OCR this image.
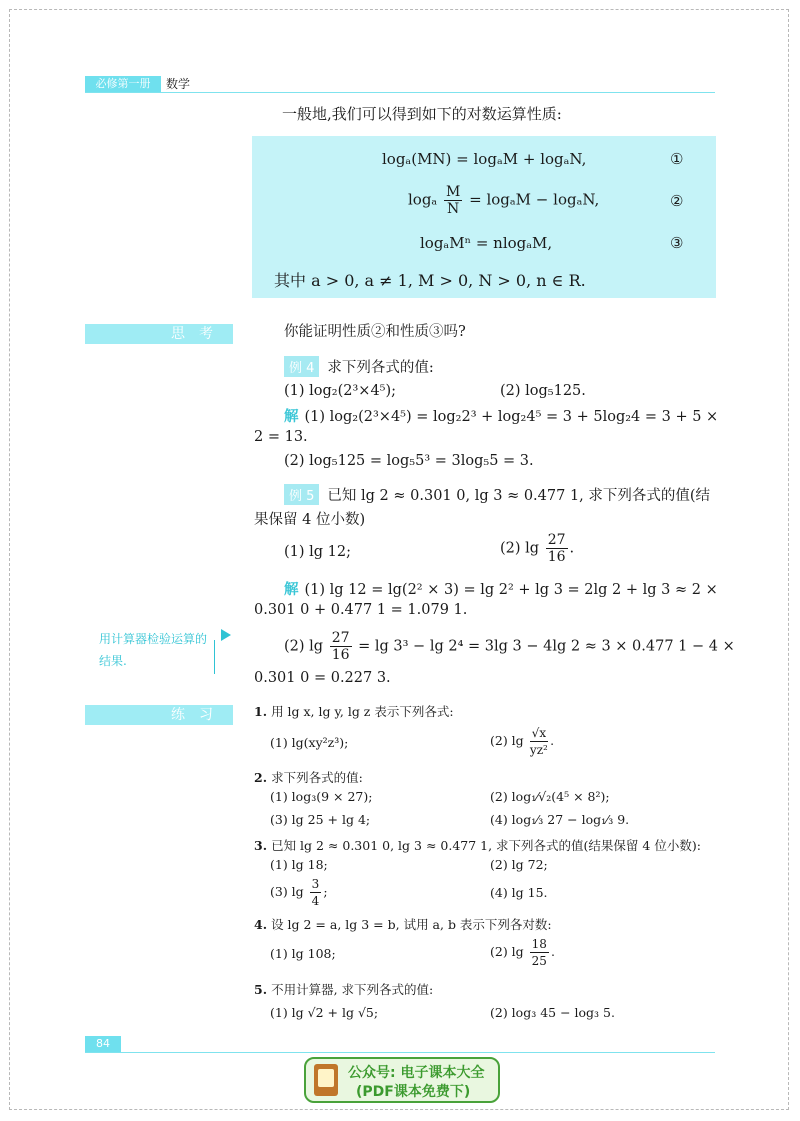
必修第一册	数学
一般地,我们可以得到如下的对数运算性质:
logₐ(MN) = logₐM + logₐN,	①
logₐ $\frac{M}{N} = \log_aM - \log_aN$,	②
logₐMⁿ = nlogₐM,	③
其中 a > 0, a ≠ 1, M > 0, N > 0, n ∈ R.
思考	你能证明性质②和性质③吗?
例 4 求下列各式的值:
(1) log₂(2³×4⁵);	(2) log₅125.
解 (1) log₂(2³×4⁵) = log₂2³ + log₂4⁵ = 3 + 5log₂4 = 3 + 5 ×
2 = 13.
(2) log₅125 = log₅5³ = 3log₅5 = 3.
例 5 已知 lg 2 ≈ 0.301 0, lg 3 ≈ 0.477 1, 求下列各式的值(结
果保留 4 位小数)
(1) lg 12;	(2) $\lg \frac{27}{16}$ .
解 (1) lg 12 = lg(2² × 3) = lg 2² + lg 3 = 2lg 2 + lg 3 ≈ 2 ×
0.301 0 + 0.477 1 = 1.079 1.
(2) $\lg \frac{27}{16} = \lg 3^3 - \lg 2^4 = 3\lg$ 3 − 4lg 2 ≈ 3 × 0.477 1 − 4 ×
0.301 0 = 0.227 3.
用计算器检验运算的结果.
练习	1. 用 lg x, lg y, lg z 表示下列各式:
(1) lg(xy²z³);	(2) $\lg \frac{√x}{\text{yz²}}$ .
2. 求下列各式的值:
(1) log₃(9 × 27);	(2) log₁⁄√₂(4⁵ × 8²);
(3) lg 25 + lg 4;	(4) log₁⁄₃ 27 − log₁⁄₃ 9.
3. 已知 lg 2 ≈ 0.301 0, lg 3 ≈ 0.477 1, 求下列各式的值(结果保留 4 位小数):
(1) lg 18;	(2) lg 72;
(3) $\lg \frac{3}{4}$ ;	(4) lg 15.
4. 设 lg 2 = a, lg 3 = b, 试用 a, b 表示下列各对数:
(1) lg 108;	(2) $\lg \frac{18}{25}$ .
5. 不用计算器, 求下列各式的值:
(1) lg √2 + lg √5;	(2) log₃ 45 − log₃ 5.
84
公众号: 电子课本大全
(PDF课本免费下)
